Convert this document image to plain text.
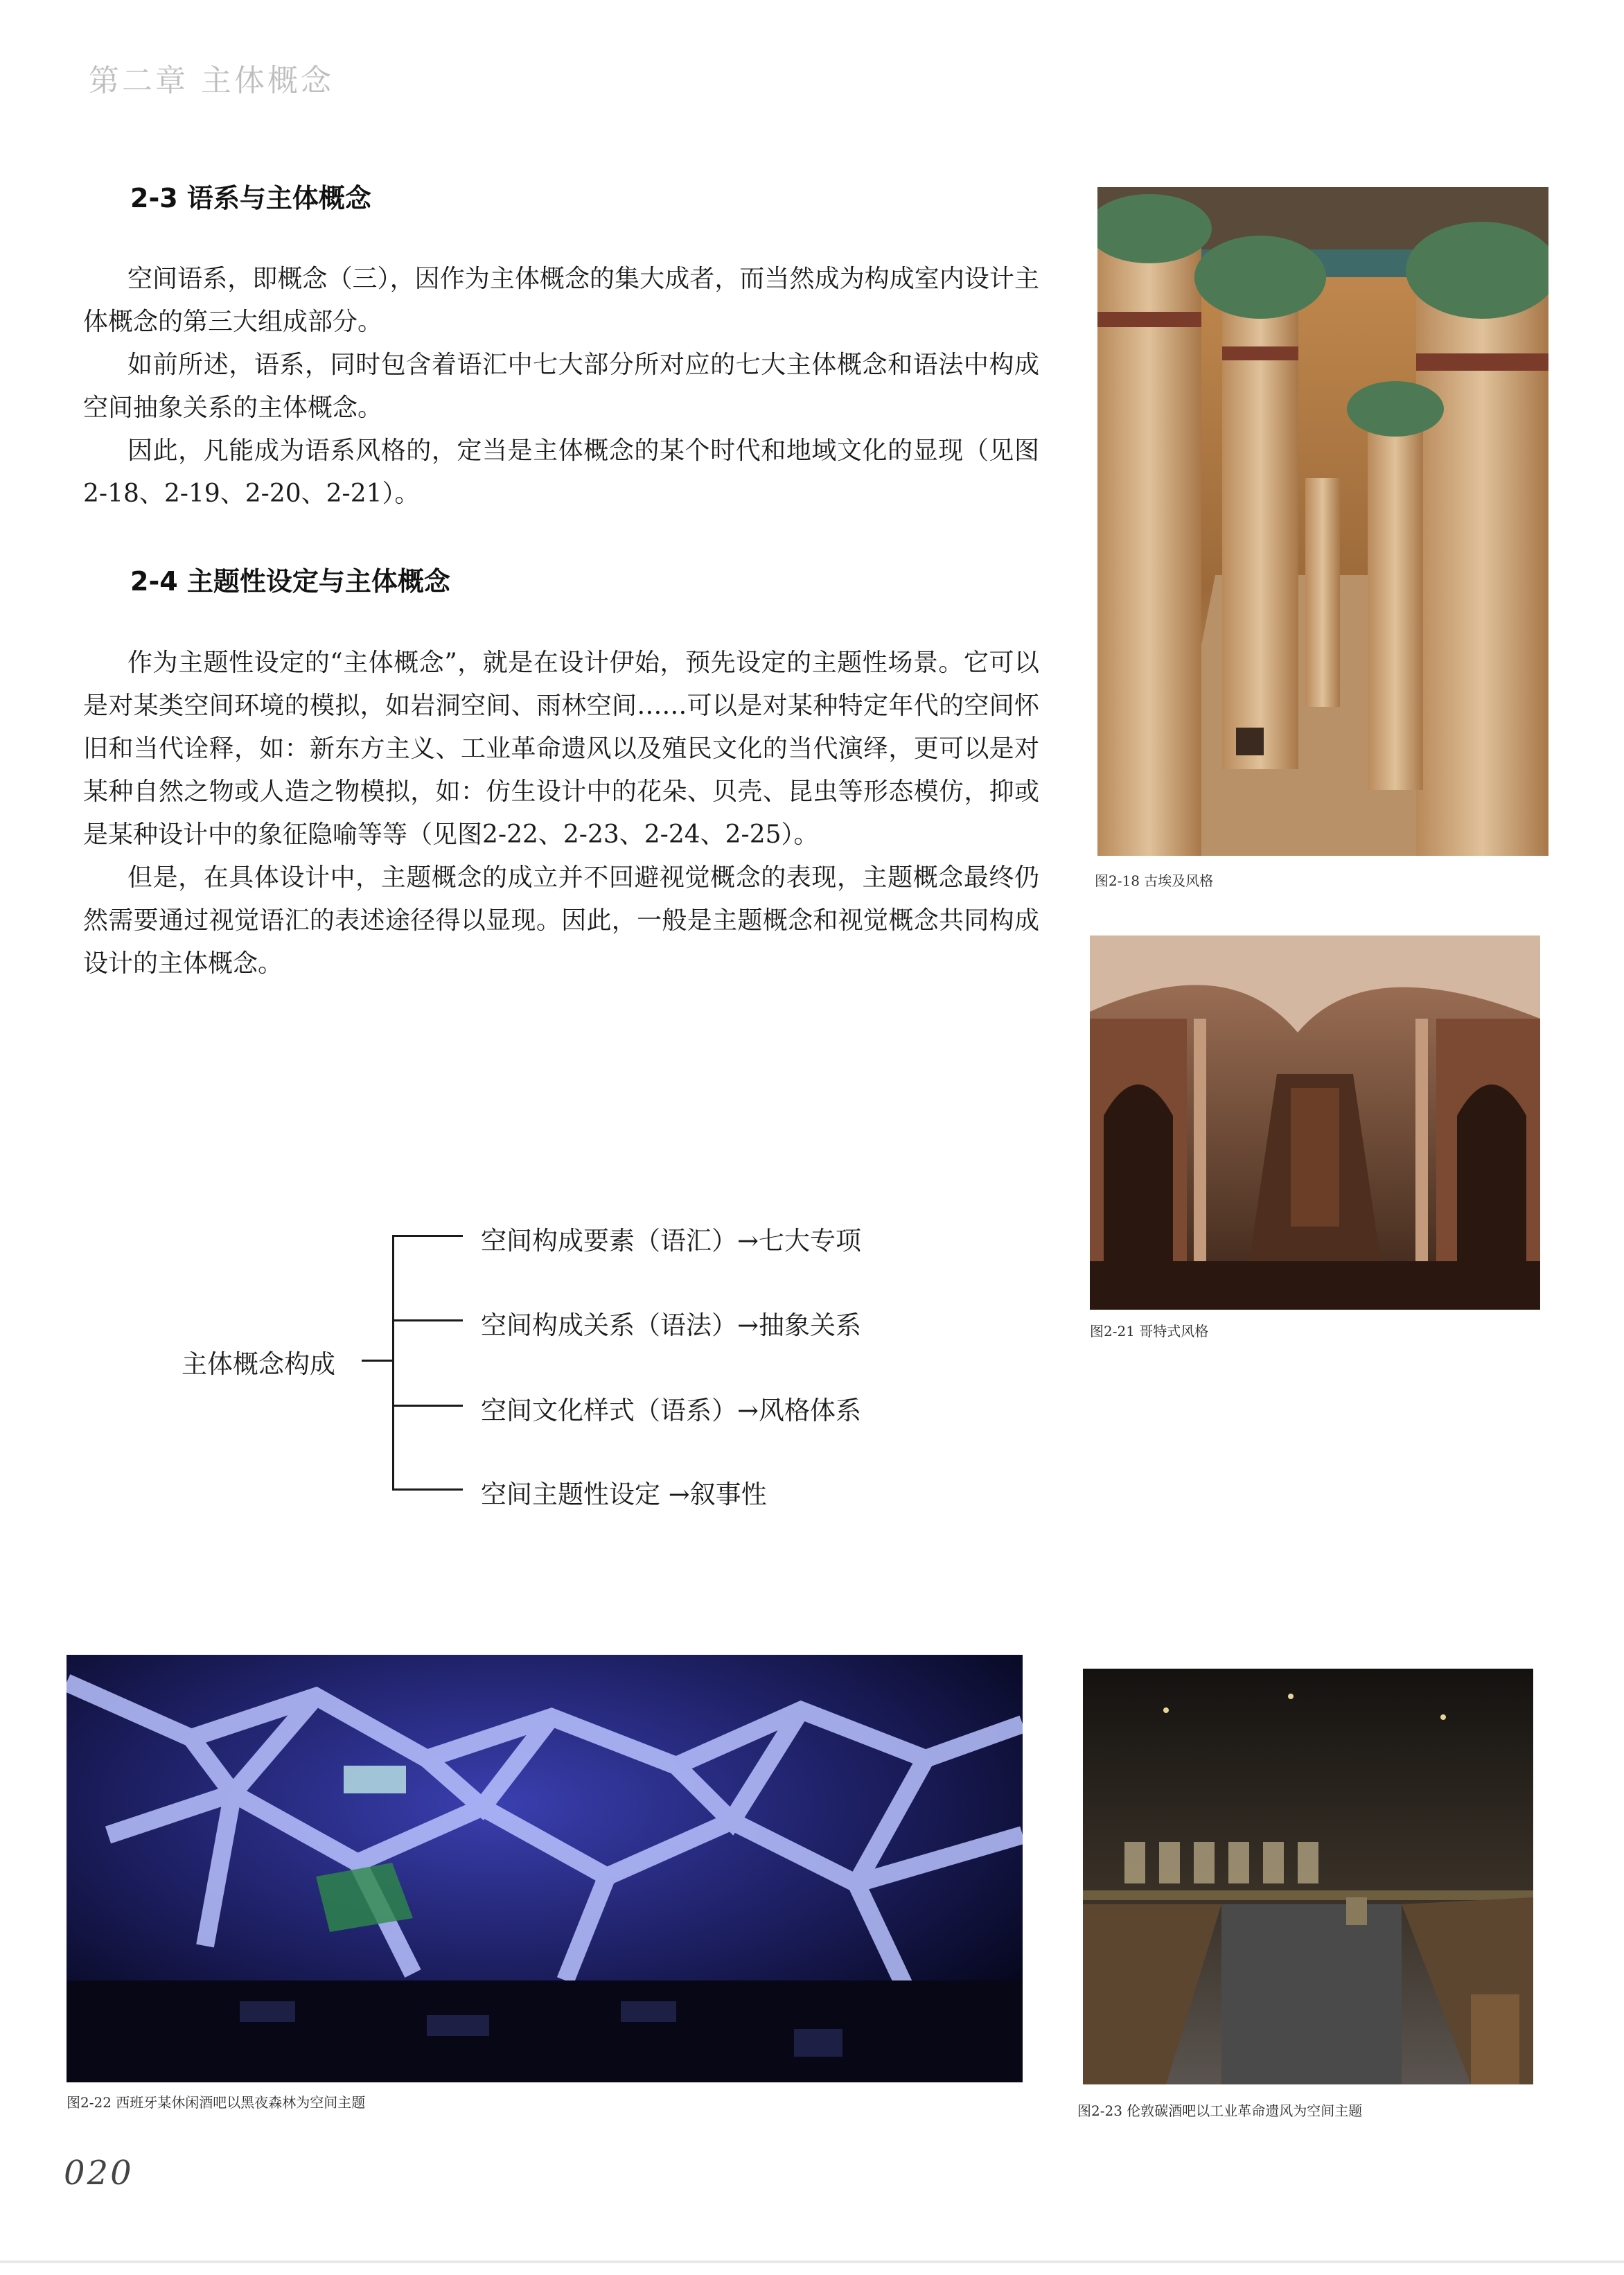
第二章 主体概念
2-3 语系与主体概念

空间语系，即概念（三），因作为主体概念的集大成者，而当然成为构成室内设计主体概念的第三大组成部分。

如前所述，语系，同时包含着语汇中七大部分所对应的七大主体概念和语法中构成空间抽象关系的主体概念。

因此，凡能成为语系风格的，定当是主体概念的某个时代和地域文化的显现（见图2-18、2-19、2-20、2-21）。

2-4 主题性设定与主体概念

作为主题性设定的“主体概念”，就是在设计伊始，预先设定的主题性场景。它可以是对某类空间环境的模拟，如岩洞空间、雨林空间……可以是对某种特定年代的空间怀旧和当代诠释，如：新东方主义、工业革命遗风以及殖民文化的当代演绎，更可以是对某种自然之物或人造之物模拟，如：仿生设计中的花朵、贝壳、昆虫等形态模仿，抑或是某种设计中的象征隐喻等等（见图2-22、2-23、2-24、2-25）。

但是，在具体设计中，主题概念的成立并不回避视觉概念的表现，主题概念最终仍然需要通过视觉语汇的表述途径得以显现。因此，一般是主题概念和视觉概念共同构成设计的主体概念。

图2-18 古埃及风格
图2-21 哥特式风格
主体概念构成
空间构成要素（语汇）→七大专项
空间构成关系（语法）→抽象关系
空间文化样式（语系）→风格体系
空间主题性设定 →叙事性
图2-22 西班牙某休闲酒吧以黑夜森林为空间主题	图2-23 伦敦碳酒吧以工业革命遗风为空间主题
020
